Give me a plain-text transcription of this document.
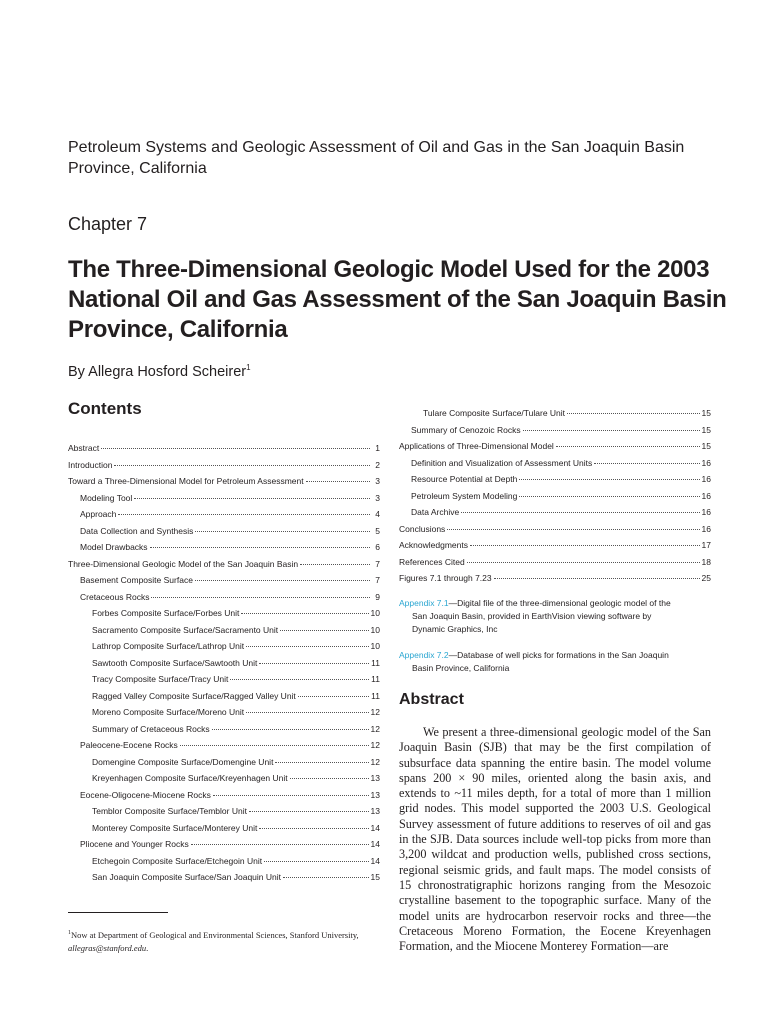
Petroleum Systems and Geologic Assessment of Oil and Gas in the San Joaquin Basin Province, California
Chapter 7
The Three-Dimensional Geologic Model Used for the 2003 National Oil and Gas Assessment of the San Joaquin Basin Province, California
By Allegra Hosford Scheirer$^1$
Contents
Abstract	1
Introduction	2
Toward a Three-Dimensional Model for Petroleum Assessment	3
Modeling Tool	3
Approach	4
Data Collection and Synthesis	5
Model Drawbacks	6
Three-Dimensional Geologic Model of the San Joaquin Basin	7
Basement Composite Surface	7
Cretaceous Rocks	9
Forbes Composite Surface/Forbes Unit	10
Sacramento Composite Surface/Sacramento Unit	10
Lathrop Composite Surface/Lathrop Unit	10
Sawtooth Composite Surface/Sawtooth Unit	11
Tracy Composite Surface/Tracy Unit	11
Ragged Valley Composite Surface/Ragged Valley Unit	11
Moreno Composite Surface/Moreno Unit	12
Summary of Cretaceous Rocks	12
Paleocene-Eocene Rocks	12
Domengine Composite Surface/Domengine Unit	12
Kreyenhagen Composite Surface/Kreyenhagen Unit	13
Eocene-Oligocene-Miocene Rocks	13
Temblor Composite Surface/Temblor Unit	13
Monterey Composite Surface/Monterey Unit	14
Pliocene and Younger Rocks	14
Etchegoin Composite Surface/Etchegoin Unit	14
San Joaquin Composite Surface/San Joaquin Unit	15
Tulare Composite Surface/Tulare Unit	15
Summary of Cenozoic Rocks	15
Applications of Three-Dimensional Model	15
Definition and Visualization of Assessment Units	16
Resource Potential at Depth	16
Petroleum System Modeling	16
Data Archive	16
Conclusions	16
Acknowledgments	17
References Cited	18
Figures 7.1 through 7.23	25
Appendix 7.1—Digital file of the three-dimensional geologic model of the
San Joaquin Basin, provided in EarthVision viewing software by
Dynamic Graphics, Inc
Appendix 7.2—Database of well picks for formations in the San Joaquin
Basin Province, California
Abstract
We present a three-dimensional geologic model of the San Joaquin Basin (SJB) that may be the first compilation of subsurface data spanning the entire basin. The model volume spans 200 × 90 miles, oriented along the basin axis, and extends to ~11 miles depth, for a total of more than 1 million grid nodes. This model supported the 2003 U.S. Geological Survey assessment of future additions to reserves of oil and gas in the SJB. Data sources include well-top picks from more than 3,200 wildcat and production wells, published cross sections, regional seismic grids, and fault maps. The model consists of 15 chronostratigraphic horizons ranging from the Mesozoic crystalline basement to the topographic surface. Many of the model units are hydrocarbon reservoir rocks and three—the Cretaceous Moreno Formation, the Eocene Kreyenhagen Formation, and the Miocene Monterey Formation—are
$^1$Now at Department of Geological and Environmental Sciences, Stanford University, allegras@stanford.edu.
